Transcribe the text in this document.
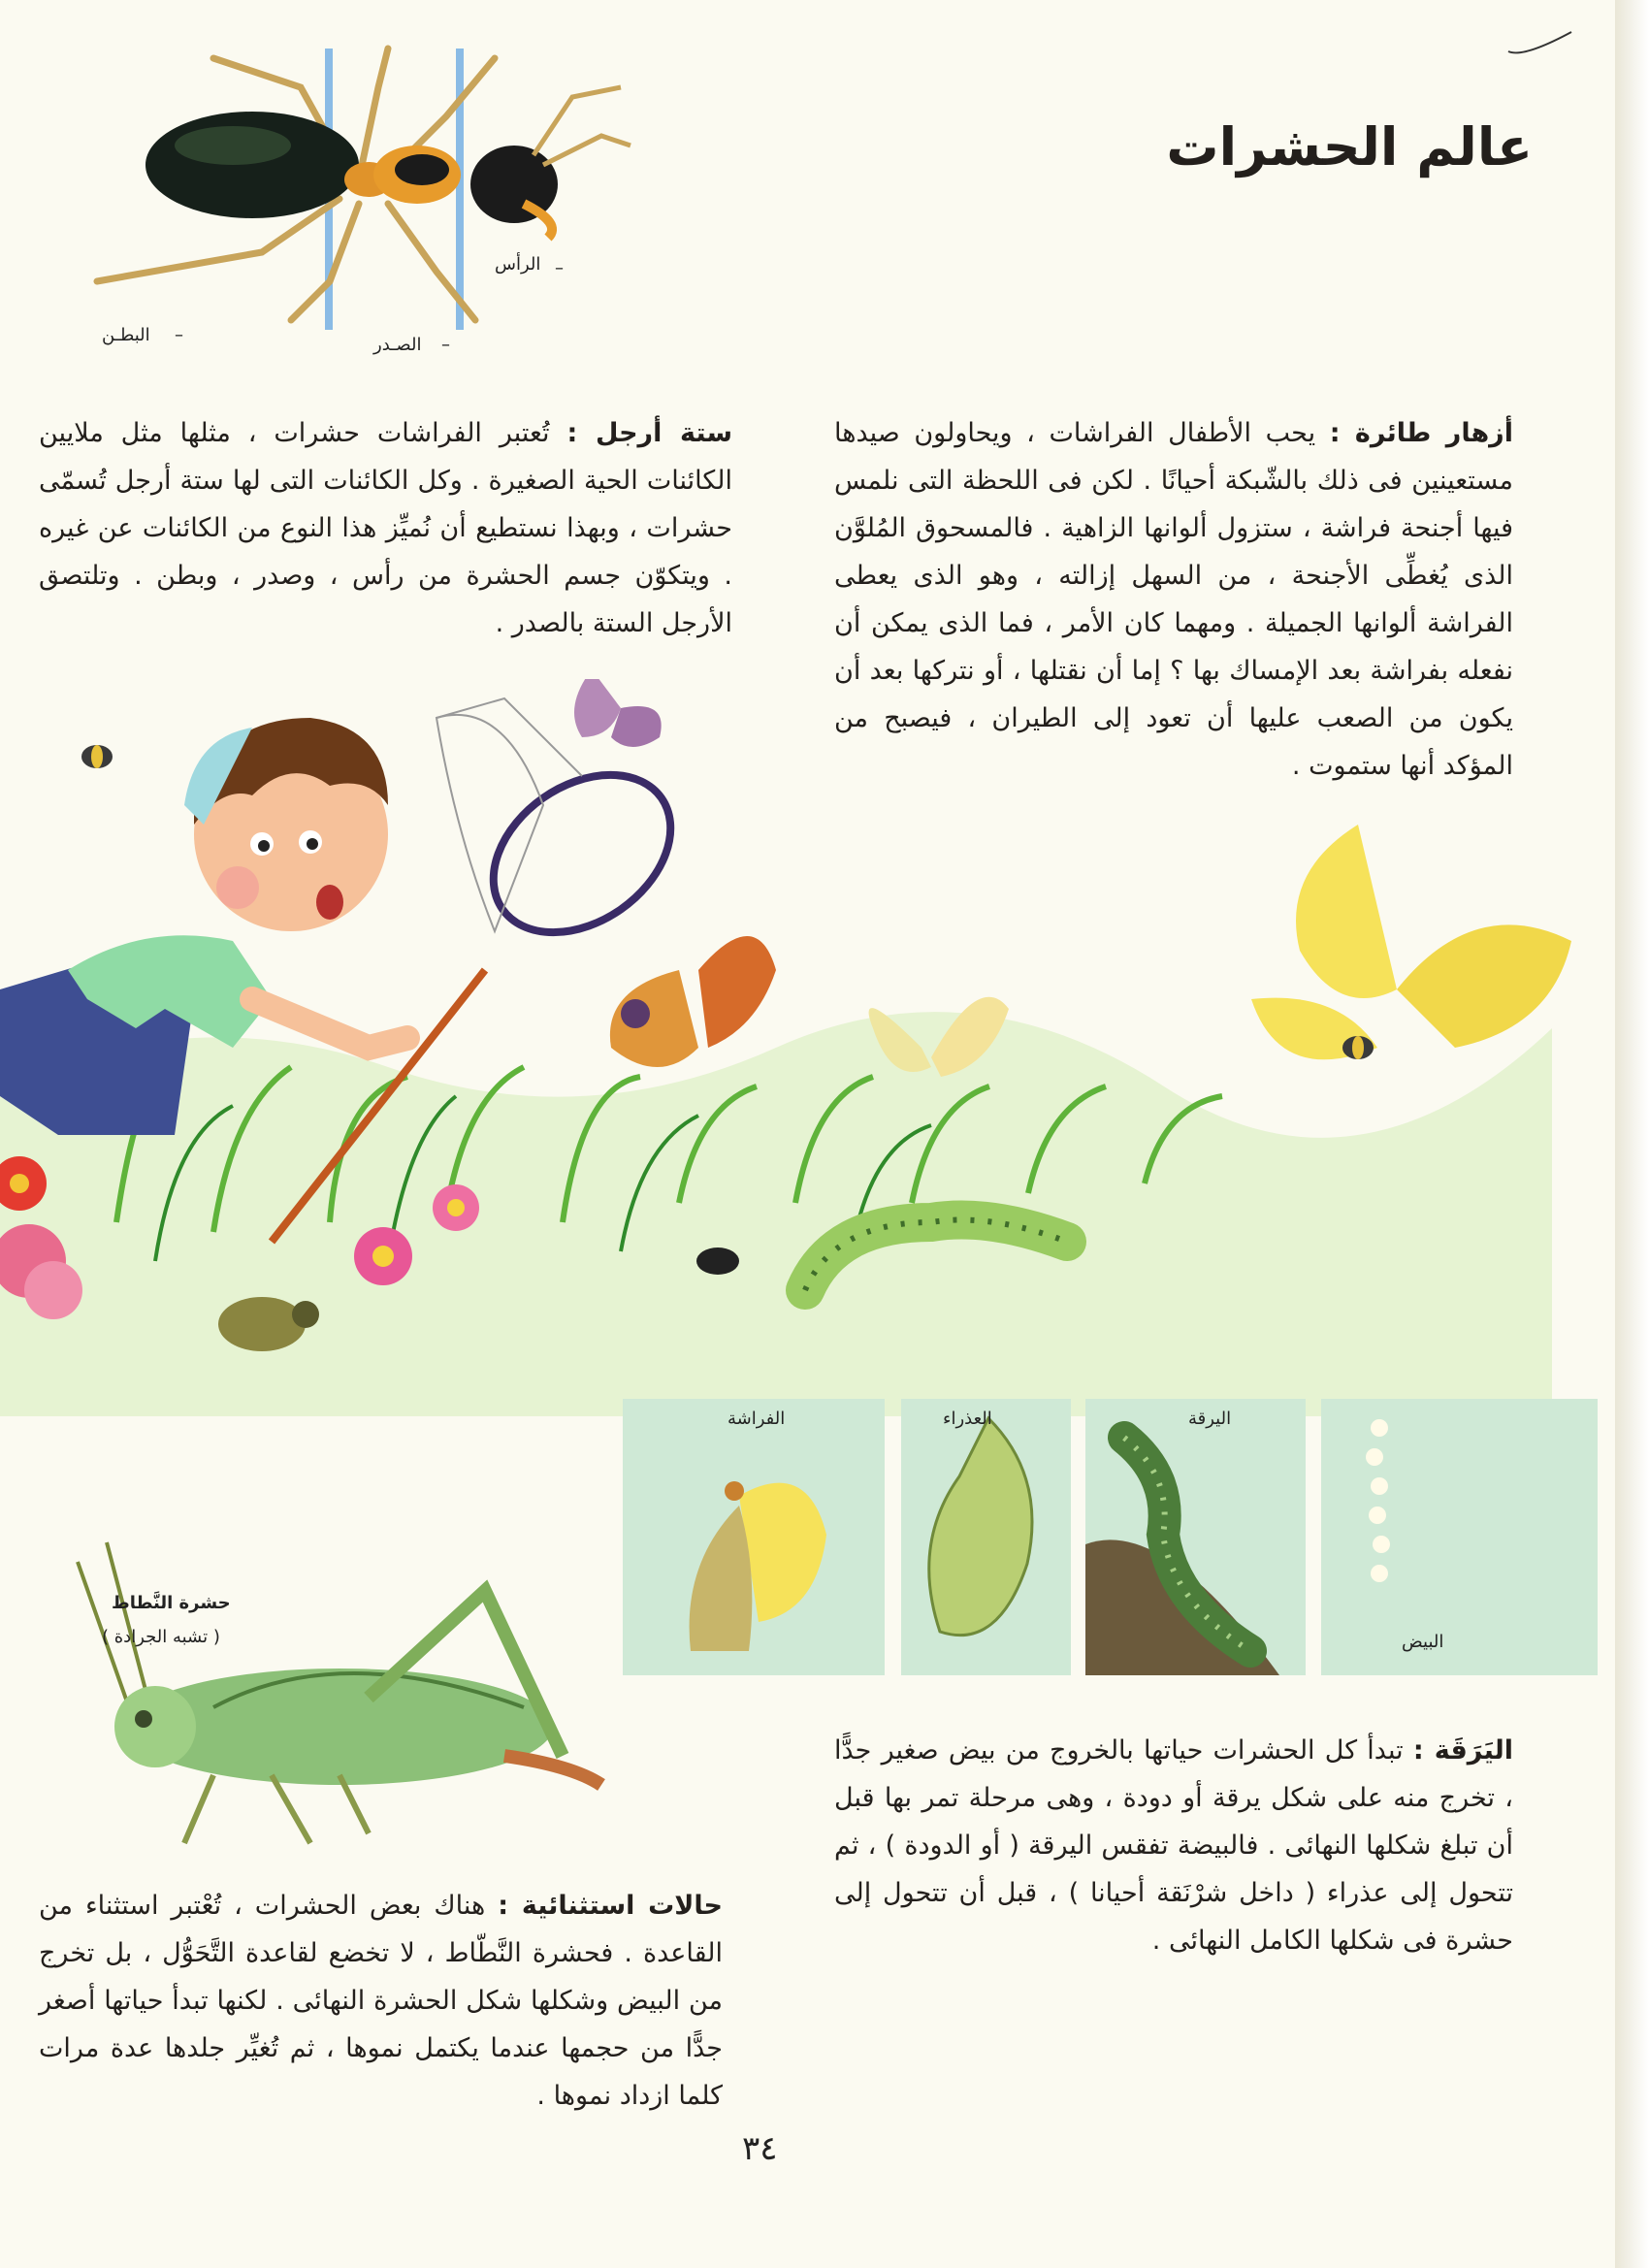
الرأس –
الصـدر –
البطـن –
عالم الحشرات
أزهار طائرة : يحب الأطفال الفراشات ، ويحاولون صيدها مستعينين فى ذلك بالشّبكة أحيانًا . لكن فى اللحظة التى نلمس فيها أجنحة فراشة ، ستزول ألوانها الزاهية . فالمسحوق المُلوَّن الذى يُغطِّى الأجنحة ، من السهل إزالته ، وهو الذى يعطى الفراشة ألوانها الجميلة . ومهما كان الأمر ، فما الذى يمكن أن نفعله بفراشة بعد الإمساك بها ؟ إما أن نقتلها ، أو نتركها بعد أن يكون من الصعب عليها أن تعود إلى الطيران ، فيصبح من المؤكد أنها ستموت .
ستة أرجل : تُعتبر الفراشات حشرات ، مثلها مثل ملايين الكائنات الحية الصغيرة . وكل الكائنات التى لها ستة أرجل تُسمّى حشرات ، وبهذا نستطيع أن نُميِّز هذا النوع من الكائنات عن غيره . ويتكوّن جسم الحشرة من رأس ، وصدر ، وبطن . وتلتصق الأرجل الستة بالصدر .
الفراشة	العذراء	اليرقة
البيض
حشرة النَّطاط
( تشبه الجرادة )
اليَرَقَة : تبدأ كل الحشرات حياتها بالخروج من بيض صغير جدًّا ، تخرج منه على شكل يرقة أو دودة ، وهى مرحلة تمر بها قبل أن تبلغ شكلها النهائى . فالبيضة تفقس اليرقة ( أو الدودة ) ، ثم تتحول إلى عذراء ( داخل شرْنَقة أحيانا ) ، قبل أن تتحول إلى حشرة فى شكلها الكامل النهائى .
حالات استثنائية : هناك بعض الحشرات ، تُعْتبر استثناء من القاعدة . فحشرة النَّطّاط ، لا تخضع لقاعدة التَّحَوُّل ، بل تخرج من البيض وشكلها شكل الحشرة النهائى . لكنها تبدأ حياتها أصغر جدًّا من حجمها عندما يكتمل نموها ، ثم تُغيِّر جلدها عدة مرات كلما ازداد نموها .
٣٤
